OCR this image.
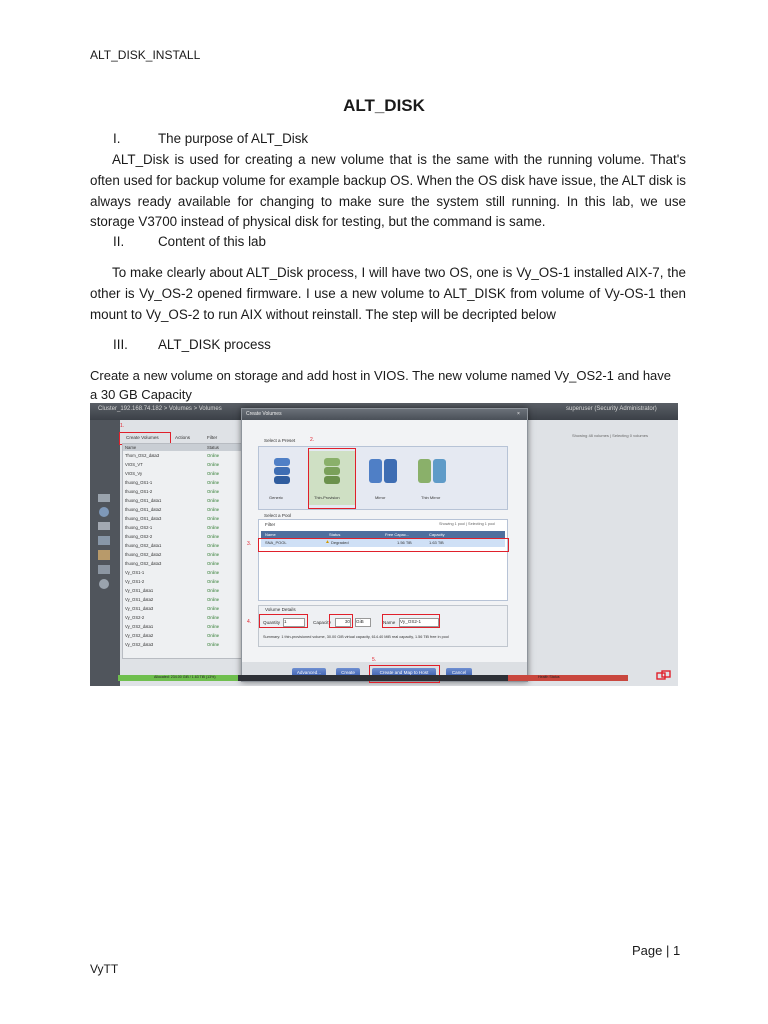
ALT_DISK_INSTALL
ALT_DISK
I.	The purpose of ALT_Disk
ALT_Disk is used for creating a new volume that is the same with the running volume. That's often used for backup volume for example backup OS. When the OS disk have issue, the ALT disk is always ready available for changing to make sure the system still running. In this lab, we use storage V3700 instead of physical disk for testing, but the command is same.
II.	Content of this lab
To make clearly about ALT_Disk process, I will have two OS, one is Vy_OS-1 installed AIX-7, the other is Vy_OS-2 opened firmware. I use a new volume to ALT_DISK from volume of Vy-OS-1 then mount to Vy_OS-2 to run AIX without reinstall. The step will be decripted below
III. ALT_DISK process
Create a new volume on storage and add host in VIOS. The new volume named Vy_OS2-1 and have a 30 GB Capacity
Cluster_192.168.74.182 > Volumes > Volumes	superuser (Security Administrator)
Showing 48 volumes | Selecting 0 volumes
Create Volumes	Actions	Filter
1.
Name	Status
Thom_OS2_data3	Online
VIOS_VT	Online
VIOS_Vy	Online
thuong_OS1-1	Online
thuong_OS1-2	Online
thuong_OS1_data1	Online
thuong_OS1_data2	Online
thuong_OS1_data3	Online
thuong_OS2-1	Online
thuong_OS2-2	Online
thuong_OS2_data1	Online
thuong_OS2_data2	Online
thuong_OS2_data3	Online
Vy_OS1-1	Online
Vy_OS1-2	Online
Vy_OS1_data1	Online
Vy_OS1_data2	Online
Vy_OS1_data3	Online
Vy_OS2-2	Online
Vy_OS2_data1	Online
Vy_OS2_data2	Online
Vy_OS2_data3	Online
Create Volumes	×
Select a Preset	2.
Generic	Thin-Provision	Mirror	Thin Mirror
Select a Pool
Filter	Showing 1 pool | Selecting 1 pool
Name	Status	Free Capac...	Capacity
SNA_POOL	▲ Degraded	1.56 TiB	1.63 TiB
3.
Volume Details
Quantity 1	Capacity	30 GiB	Name Vy_OS2-1
Summary: 1 thin-provisioned volume, 30.00 GiB virtual capacity, 614.40 MiB real capacity, 1.56 TiB free in pool
4.
Advanced...	Create	Create and Map to Host	Cancel
5.
Allocated: 234.00 GiB / 1.63 TiB (13%)	Health Status
Page | 1
VyTT
